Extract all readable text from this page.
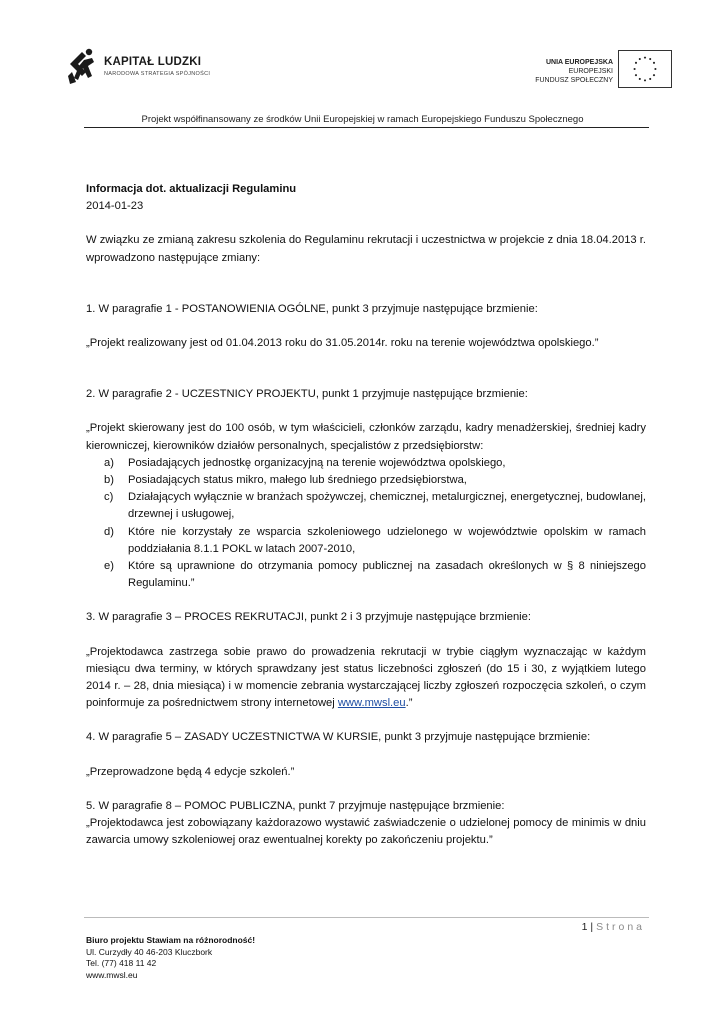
KAPITAŁ LUDZKI
NARODOWA STRATEGIA SPÓJNOŚCI
UNIA EUROPEJSKA
EUROPEJSKI
FUNDUSZ SPOŁECZNY
Projekt współfinansowany ze środków Unii Europejskiej w ramach Europejskiego Funduszu Społecznego

Informacja dot. aktualizacji Regulaminu

2014-01-23

W związku ze zmianą zakresu szkolenia do Regulaminu rekrutacji i uczestnictwa w projekcie z dnia 18.04.2013 r. wprowadzono następujące zmiany:

1. W paragrafie 1 - POSTANOWIENIA OGÓLNE, punkt 3 przyjmuje następujące brzmienie:

„Projekt realizowany jest od 01.04.2013 roku do 31.05.2014r. roku na terenie województwa opolskiego.”

2. W paragrafie 2 - UCZESTNICY PROJEKTU, punkt 1 przyjmuje następujące brzmienie:

„Projekt skierowany jest do 100 osób, w tym właścicieli, członków zarządu, kadry menadżerskiej, średniej kadry kierowniczej, kierowników działów personalnych, specjalistów z przedsiębiorstw:

a) Posiadających jednostkę organizacyjną na terenie województwa opolskiego,
b) Posiadających status mikro, małego lub średniego przedsiębiorstwa,
c) Działających wyłącznie w branżach spożywczej, chemicznej, metalurgicznej, energetycznej, budowlanej, drzewnej i usługowej,
d) Które nie korzystały ze wsparcia szkoleniowego udzielonego w województwie opolskim w ramach poddziałania 8.1.1 POKL w latach 2007-2010,
e) Które są uprawnione do otrzymania pomocy publicznej na zasadach określonych w § 8 niniejszego Regulaminu.”

3. W paragrafie 3 – PROCES REKRUTACJI, punkt 2 i 3 przyjmuje następujące brzmienie:

„Projektodawca zastrzega sobie prawo do prowadzenia rekrutacji w trybie ciągłym wyznaczając w każdym miesiącu dwa terminy, w których sprawdzany jest status liczebności zgłoszeń (do 15 i 30, z wyjątkiem lutego 2014 r. – 28, dnia miesiąca) i w momencie zebrania wystarczającej liczby zgłoszeń rozpoczęcia szkoleń, o czym poinformuje za pośrednictwem strony internetowej www.mwsl.eu.”

4. W paragrafie 5 – ZASADY UCZESTNICTWA W KURSIE, punkt 3 przyjmuje następujące brzmienie:

„Przeprowadzone będą 4 edycje szkoleń.”

5. W paragrafie 8 – POMOC PUBLICZNA, punkt 7 przyjmuje następujące brzmienie:

„Projektodawca jest zobowiązany każdorazowo wystawić zaświadczenie o udzielonej pomocy de minimis w dniu zawarcia umowy szkoleniowej oraz ewentualnej korekty po zakończeniu projektu.”

1 | Strona
Biuro projektu Stawiam na różnorodność!
Ul. Curzydły 40 46-203 Kluczbork
Tel. (77) 418 11 42
www.mwsl.eu
